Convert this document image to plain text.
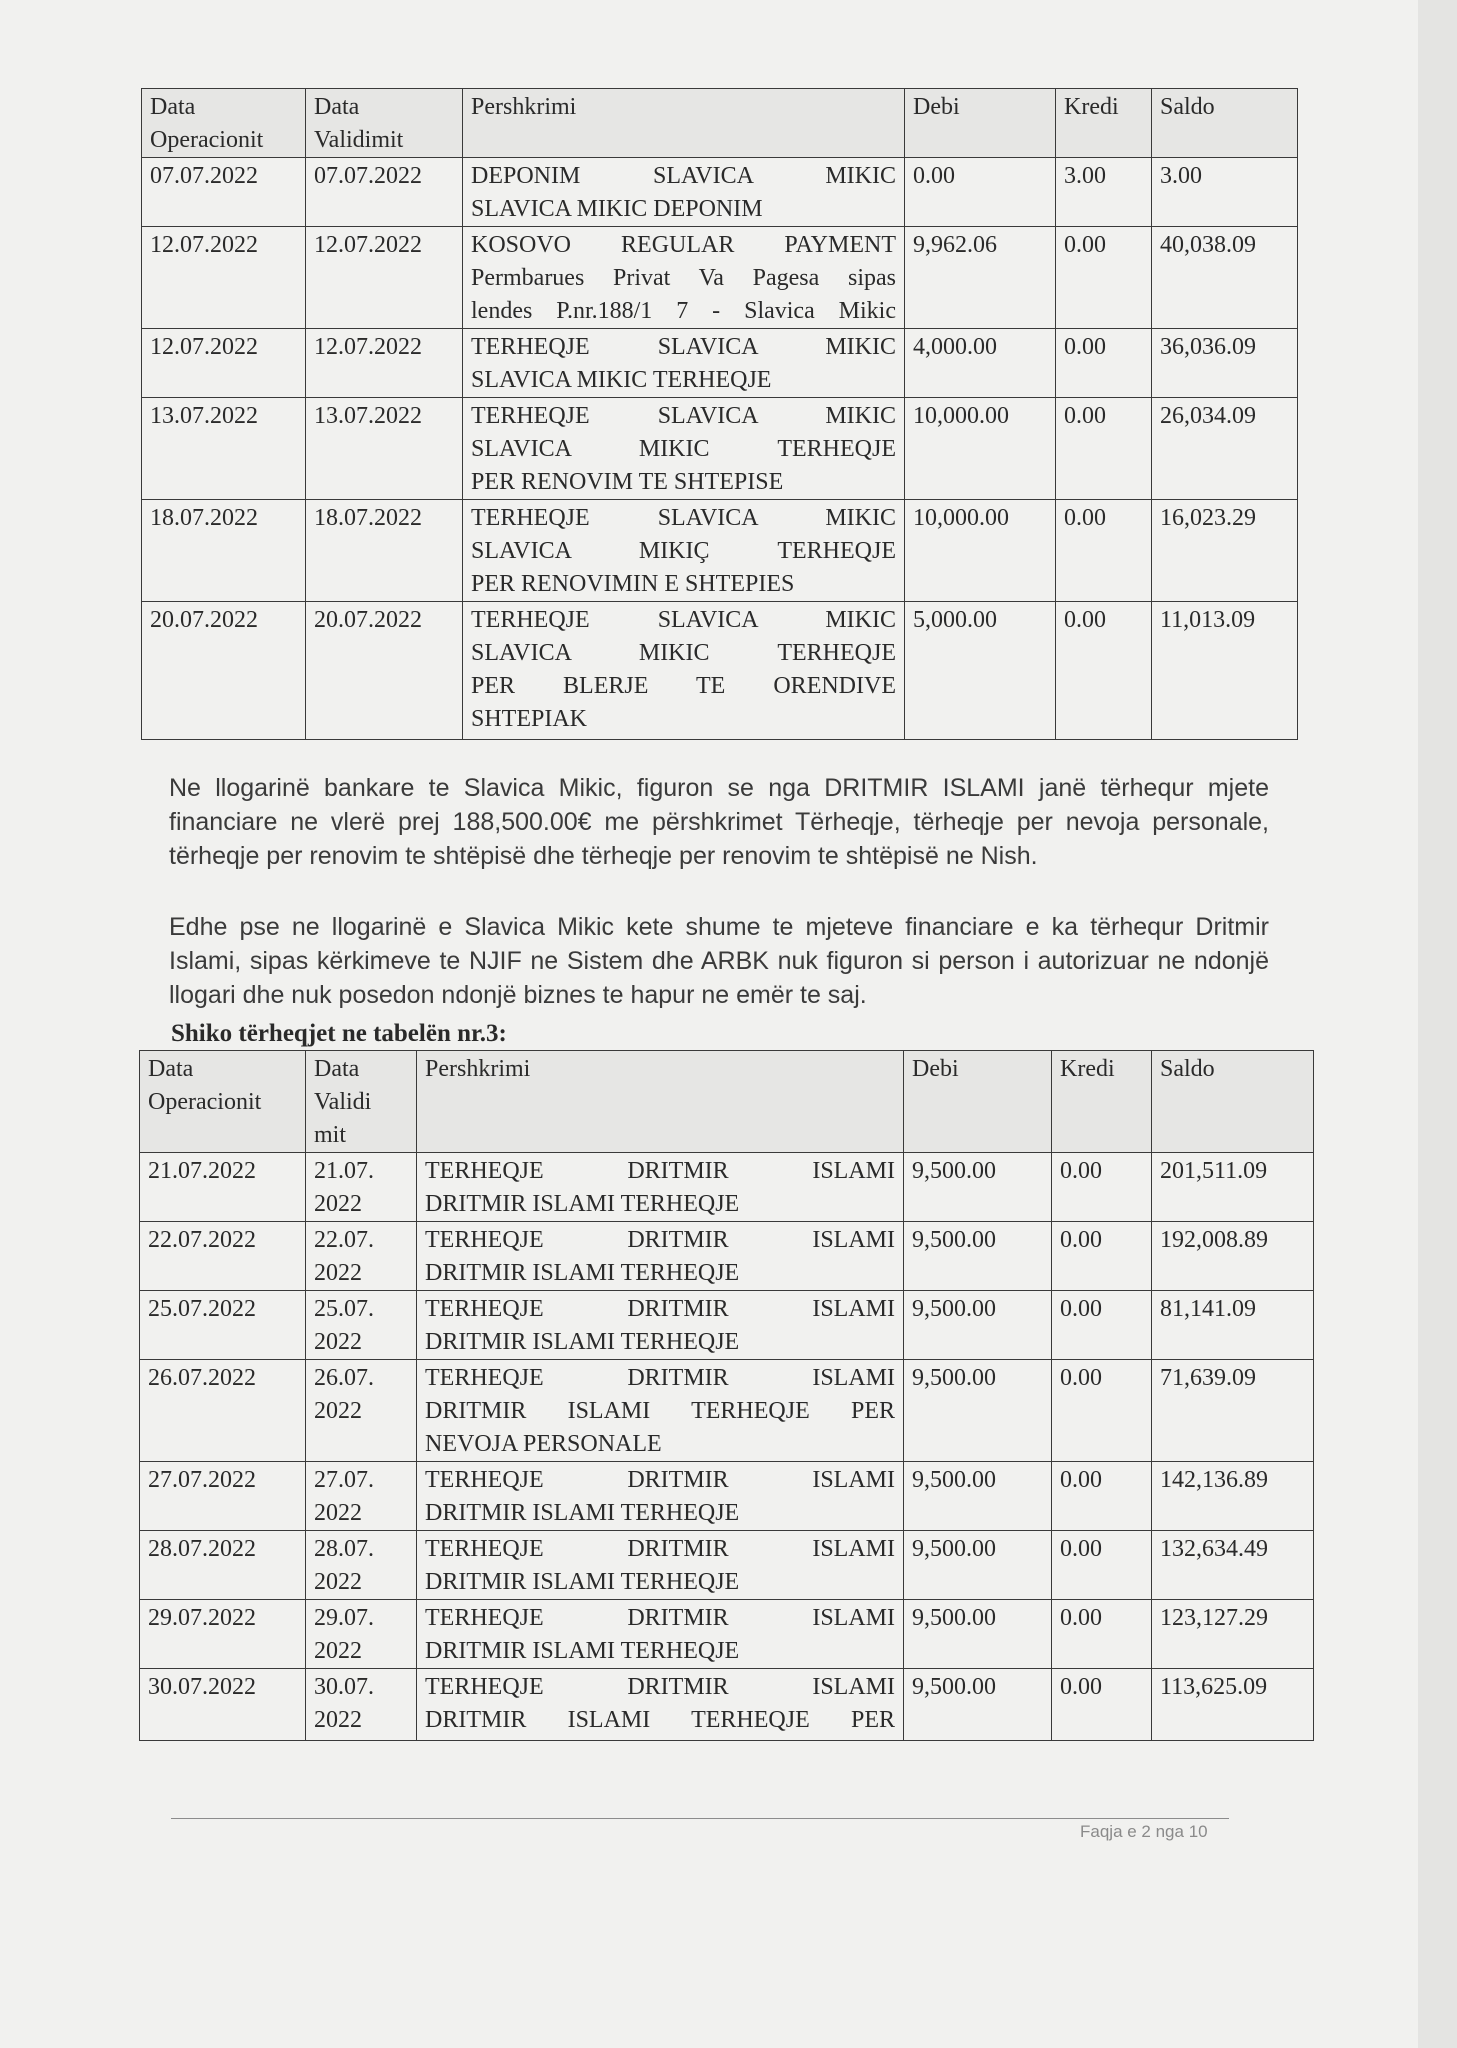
Data Operacionit	Data Validimit	Pershkrimi	Debi	Kredi	Saldo
07.07.2022	07.07.2022	DEPONIM SLAVICA MIKIC
SLAVICA MIKIC DEPONIM	0.00	3.00	3.00
12.07.2022	12.07.2022	KOSOVO REGULAR PAYMENT
Permbarues Privat Va Pagesa sipas
lendes P.nr.188/1 7 - Slavica Mikic	9,962.06	0.00	40,038.09
12.07.2022	12.07.2022	TERHEQJE SLAVICA MIKIC
SLAVICA MIKIC TERHEQJE	4,000.00	0.00	36,036.09
13.07.2022	13.07.2022	TERHEQJE SLAVICA MIKIC
SLAVICA MIKIC TERHEQJE
PER RENOVIM TE SHTEPISE	10,000.00	0.00	26,034.09
18.07.2022	18.07.2022	TERHEQJE SLAVICA MIKIC
SLAVICA MIKIÇ TERHEQJE
PER RENOVIMIN E SHTEPIES	10,000.00	0.00	16,023.29
20.07.2022	20.07.2022	TERHEQJE SLAVICA MIKIC
SLAVICA MIKIC TERHEQJE
PER BLERJE TE ORENDIVE
SHTEPIAK	5,000.00	0.00	11,013.09

Ne llogarinë bankare te Slavica Mikic, figuron se nga DRITMIR ISLAMI janë tërhequr mjete financiare ne vlerë prej 188,500.00€ me përshkrimet Tërheqje, tërheqje per nevoja personale, tërheqje per renovim te shtëpisë dhe tërheqje per renovim te shtëpisë ne Nish.

Edhe pse ne llogarinë e Slavica Mikic kete shume te mjeteve financiare e ka tërhequr Dritmir Islami, sipas kërkimeve te NJIF ne Sistem dhe ARBK nuk figuron si person i autorizuar ne ndonjë llogari dhe nuk posedon ndonjë biznes te hapur ne emër te saj.

Shiko tërheqjet ne tabelën nr.3:

Data Operacionit	Data Validi mit	Pershkrimi	Debi	Kredi	Saldo
21.07.2022	21.07. 2022	TERHEQJE DRITMIR ISLAMI
DRITMIR ISLAMI TERHEQJE	9,500.00	0.00	201,511.09
22.07.2022	22.07. 2022	TERHEQJE DRITMIR ISLAMI
DRITMIR ISLAMI TERHEQJE	9,500.00	0.00	192,008.89
25.07.2022	25.07. 2022	TERHEQJE DRITMIR ISLAMI
DRITMIR ISLAMI TERHEQJE	9,500.00	0.00	81,141.09
26.07.2022	26.07. 2022	TERHEQJE DRITMIR ISLAMI
DRITMIR ISLAMI TERHEQJE PER
NEVOJA PERSONALE	9,500.00	0.00	71,639.09
27.07.2022	27.07. 2022	TERHEQJE DRITMIR ISLAMI
DRITMIR ISLAMI TERHEQJE	9,500.00	0.00	142,136.89
28.07.2022	28.07. 2022	TERHEQJE DRITMIR ISLAMI
DRITMIR ISLAMI TERHEQJE	9,500.00	0.00	132,634.49
29.07.2022	29.07. 2022	TERHEQJE DRITMIR ISLAMI
DRITMIR ISLAMI TERHEQJE	9,500.00	0.00	123,127.29
30.07.2022	30.07. 2022	TERHEQJE DRITMIR ISLAMI
DRITMIR ISLAMI TERHEQJE PER	9,500.00	0.00	113,625.09
Faqja e 2 nga 10
